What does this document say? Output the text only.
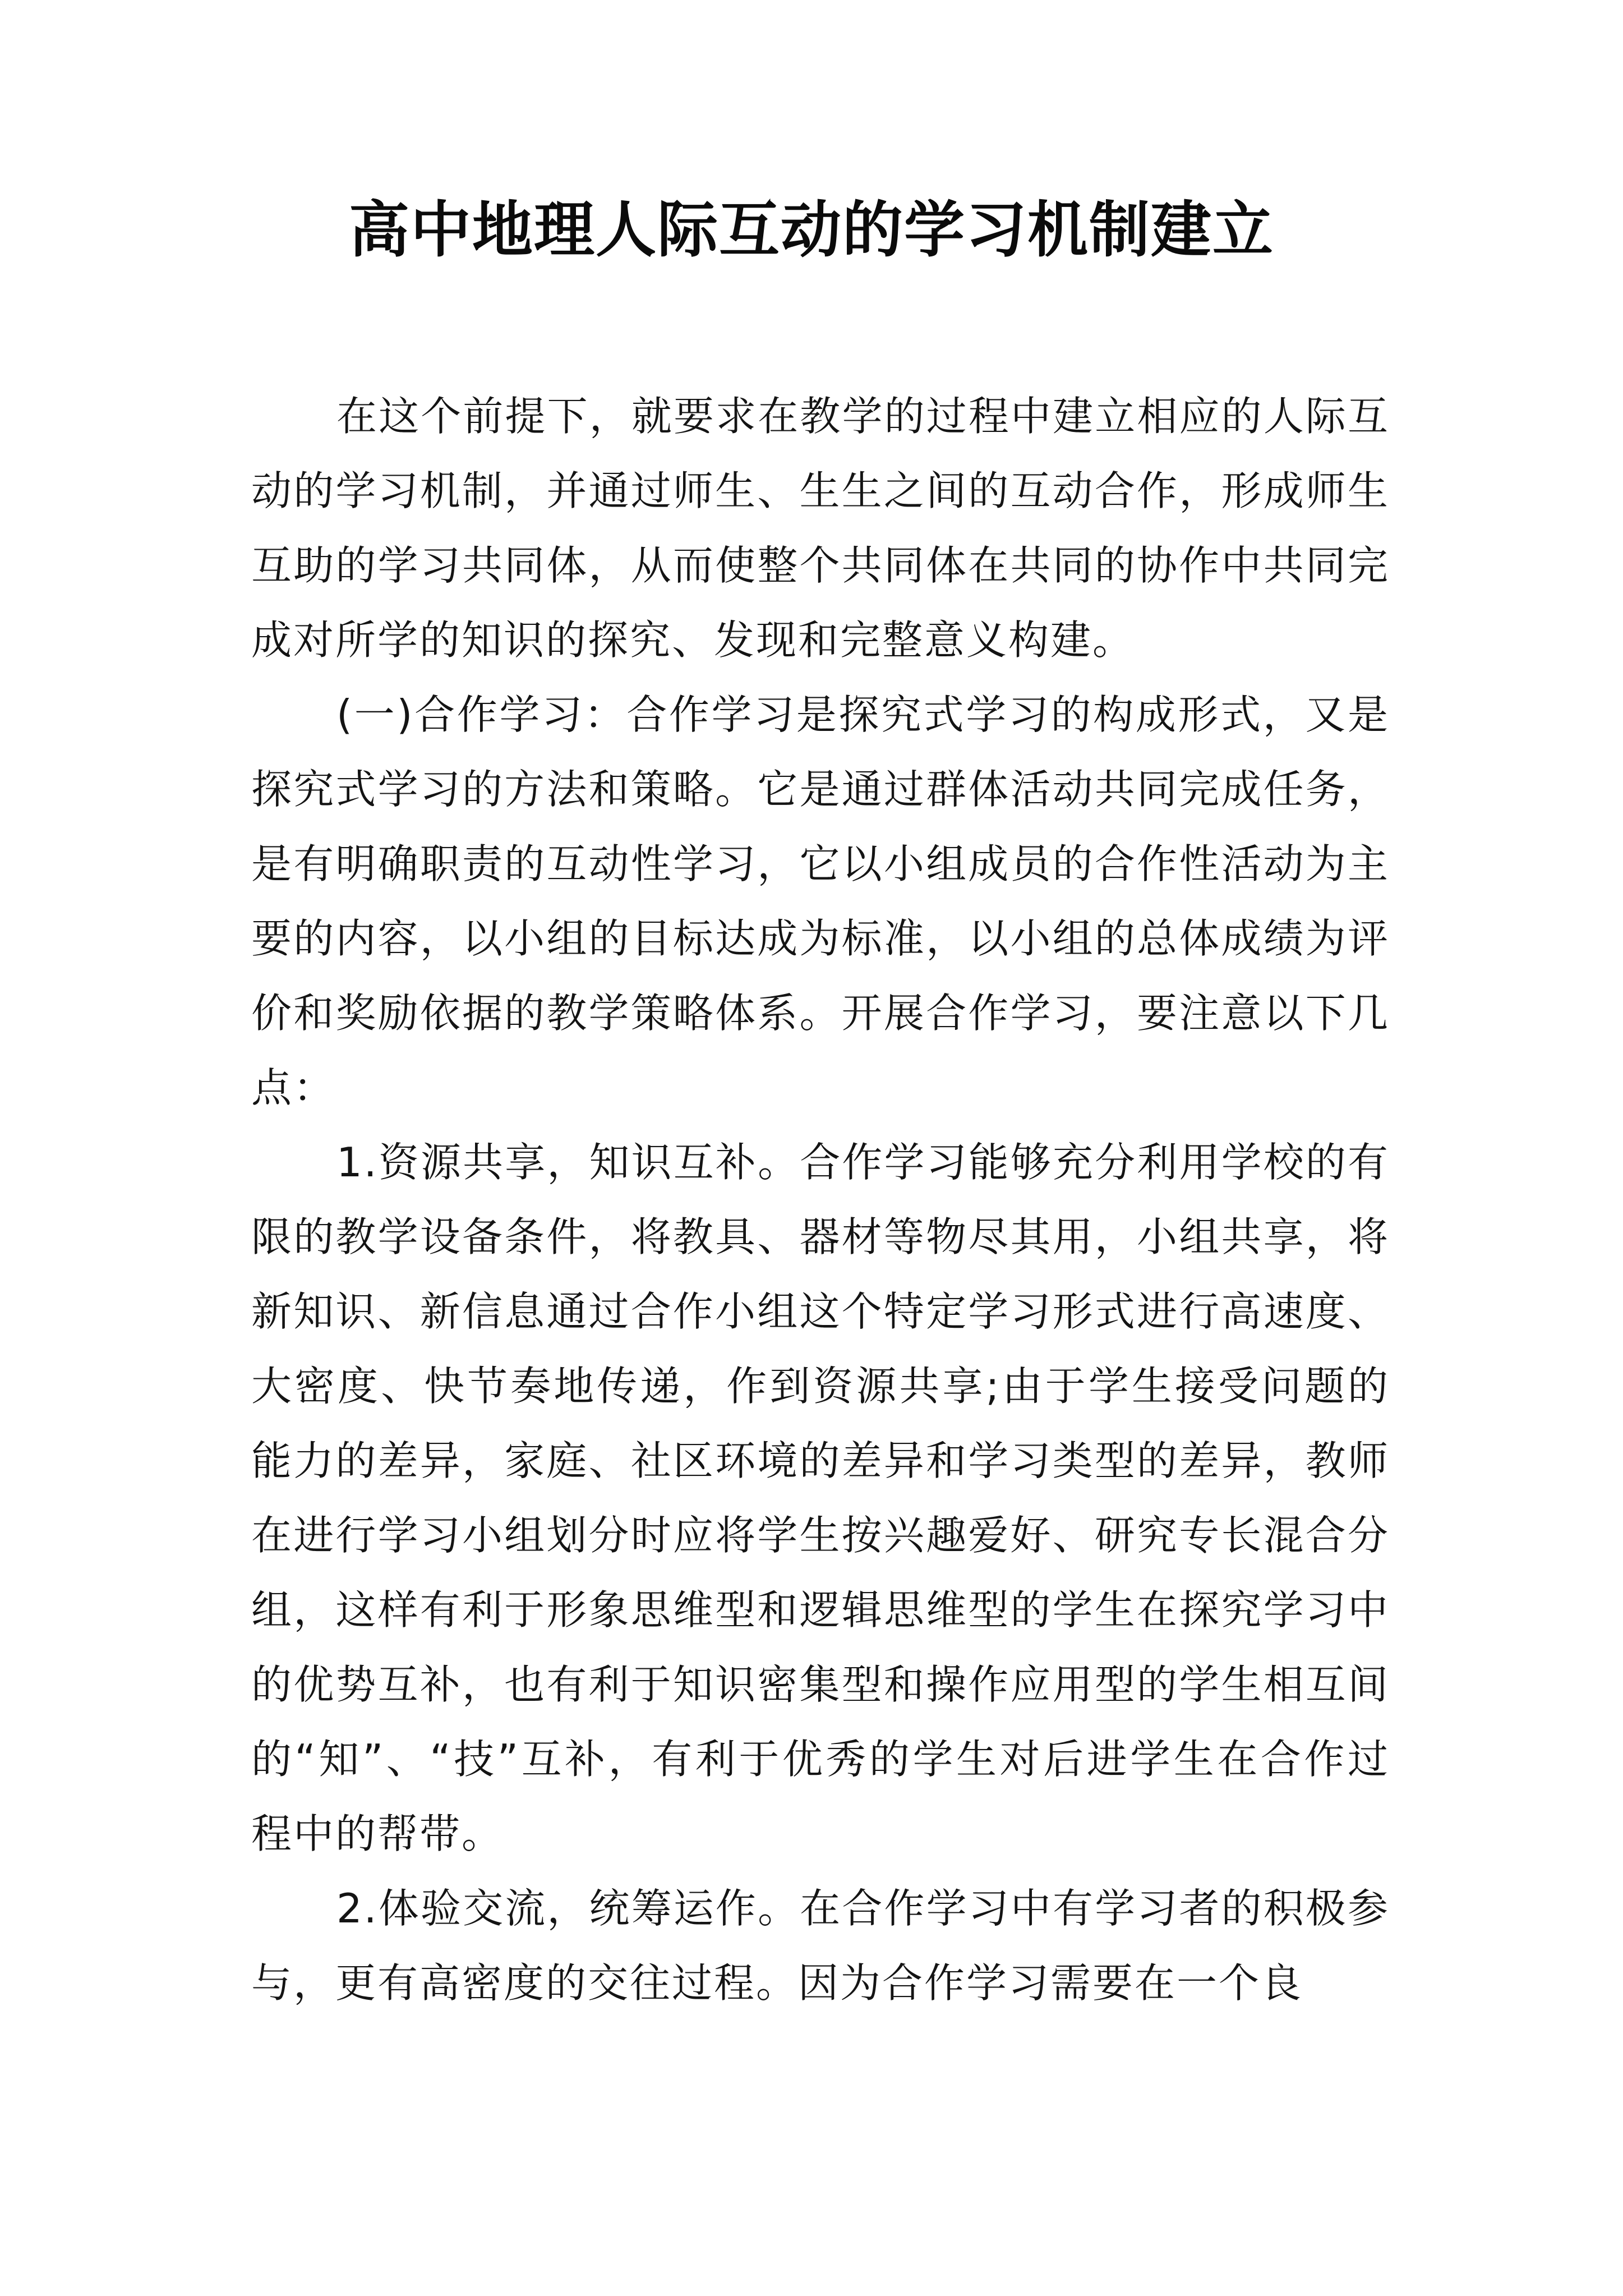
高中地理人际互动的学习机制建立

在这个前提下，就要求在教学的过程中建立相应的人际互动的学习机制，并通过师生、生生之间的互动合作，形成师生互助的学习共同体，从而使整个共同体在共同的协作中共同完成对所学的知识的探究、发现和完整意义构建。

(一)合作学习：合作学习是探究式学习的构成形式，又是探究式学习的方法和策略。它是通过群体活动共同完成任务，是有明确职责的互动性学习，它以小组成员的合作性活动为主要的内容，以小组的目标达成为标准，以小组的总体成绩为评价和奖励依据的教学策略体系。开展合作学习，要注意以下几点：

1.资源共享，知识互补。合作学习能够充分利用学校的有限的教学设备条件，将教具、器材等物尽其用，小组共享，将新知识、新信息通过合作小组这个特定学习形式进行高速度、大密度、快节奏地传递，作到资源共享;由于学生接受问题的能力的差异，家庭、社区环境的差异和学习类型的差异，教师在进行学习小组划分时应将学生按兴趣爱好、研究专长混合分组，这样有利于形象思维型和逻辑思维型的学生在探究学习中的优势互补，也有利于知识密集型和操作应用型的学生相互间的“知”、“技”互补，有利于优秀的学生对后进学生在合作过程中的帮带。

2.体验交流，统筹运作。在合作学习中有学习者的积极参与，更有高密度的交往过程。因为合作学习需要在一个良
